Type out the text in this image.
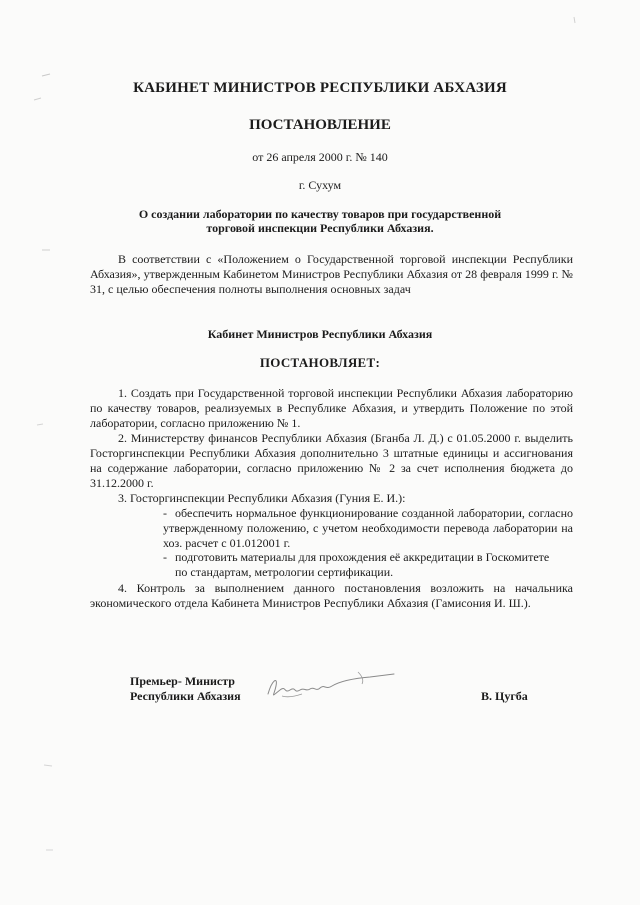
КАБИНЕТ МИНИСТРОВ РЕСПУБЛИКИ АБХАЗИЯ
ПОСТАНОВЛЕНИЕ
от 26 апреля 2000 г. № 140
г. Сухум
О создании лаборатории по качеству товаров при государственной
торговой инспекции Республики Абхазия.

В соответствии с «Положением о Государственной торговой инспекции Республики Абхазия», утвержденным Кабинетом Министров Республики Абхазия от 28 февраля 1999 г. № 31, с целью обеспечения полноты выполнения основных задач

Кабинет Министров Республики Абхазия
ПОСТАНОВЛЯЕТ:

1. Создать при Государственной торговой инспекции Республики Абхазия лабораторию по качеству товаров, реализуемых в Республике Абхазия, и утвердить Положение по этой лаборатории, согласно приложению № 1.

2. Министерству финансов Республики Абхазия (Бганба Л. Д.) с 01.05.2000 г. выделить Госторгинспекции Республики Абхазия дополнительно 3 штатные единицы и ассигнования на содержание лаборатории, согласно приложению № 2 за счет исполнения бюджета до 31.12.2000 г.

3. Госторгинспекции Республики Абхазия (Гуния Е. И.):

- обеспечить нормальное функционирование созданной лаборатории, согласно утвержденному положению, с учетом необходимости перевода лаборатории на хоз. расчет с 01.012001 г.
- подготовить материалы для прохождения её аккредитации в Госкомитете
по стандартам, метрологии сертификации.

4. Контроль за выполнением данного постановления возложить на начальника экономического отдела Кабинета Министров Республики Абхазия (Гамисония И. Ш.).

Премьер- Министр
Республики Абхазия	В. Цугба
